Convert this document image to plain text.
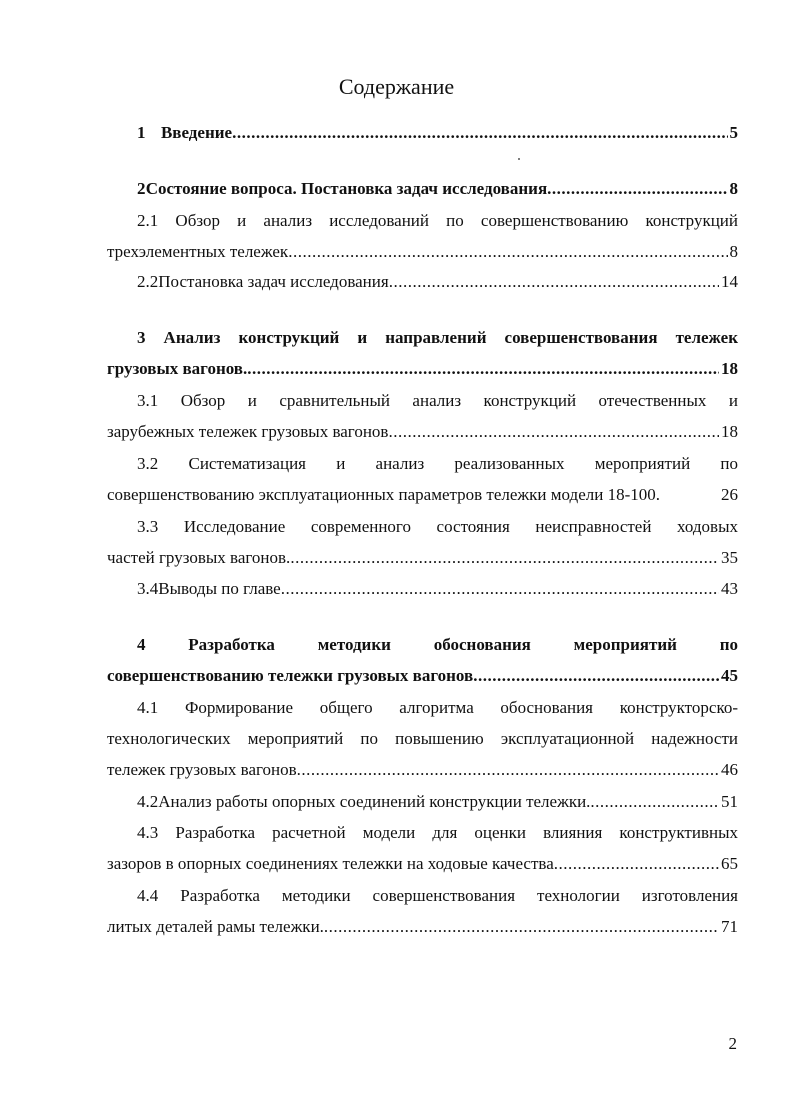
Содержание
1 Введение .....	5
2 Состояние вопроса. Постановка задач исследования .....	8
2.1 Обзор и анализ исследований по совершенствованию конструкций
трехэлементных тележек .....	8
2.2 Постановка задач исследования .....	14
3 Анализ конструкций и направлений совершенствования тележек
грузовых вагонов. .....	18
3.1 Обзор и сравнительный анализ конструкций отечественных и
зарубежных тележек грузовых вагонов .....	18
3.2 Систематизация и анализ реализованных мероприятий по
совершенствованию эксплуатационных параметров тележки модели 18-100.	26
3.3 Исследование современного состояния неисправностей ходовых
частей грузовых вагонов. .....	35
3.4 Выводы по главе .....	43
4	Разработка методики обоснования мероприятий по
совершенствованию тележки грузовых вагонов .....	45
4.1 Формирование общего алгоритма обоснования конструкторско-
технологических мероприятий по повышению эксплуатационной надежности
тележек грузовых вагонов .....	46
4.2 Анализ работы опорных соединений конструкции тележки. .....	51
4.3 Разработка расчетной модели для оценки влияния конструктивных
зазоров в опорных соединениях тележки на ходовые качества .....	65
4.4 Разработка методики совершенствования технологии изготовления
литых деталей рамы тележки. .....	71
2
